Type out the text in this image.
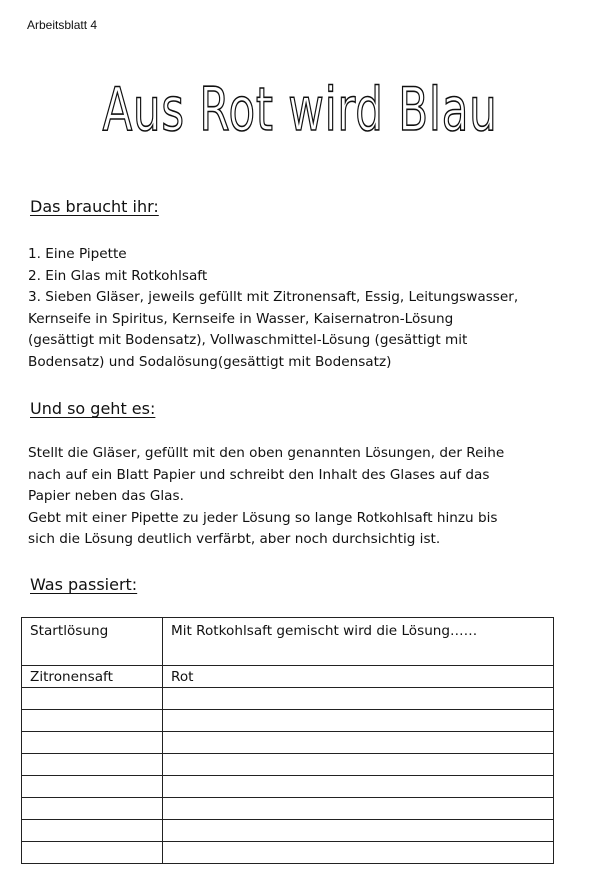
Arbeitsblatt 4
Aus Rot wird Blau
Das braucht ihr:

1. Eine Pipette

2. Ein Glas mit Rotkohlsaft

3. Sieben Gläser, jeweils gefüllt mit Zitronensaft, Essig, Leitungswasser,

Kernseife in Spiritus, Kernseife in Wasser, Kaisernatron-Lösung

(gesättigt mit Bodensatz), Vollwaschmittel-Lösung (gesättigt mit

Bodensatz) und Sodalösung(gesättigt mit Bodensatz)

Und so geht es:

Stellt die Gläser, gefüllt mit den oben genannten Lösungen, der Reihe

nach auf ein Blatt Papier und schreibt den Inhalt des Glases auf das

Papier neben das Glas.

Gebt mit einer Pipette zu jeder Lösung so lange Rotkohlsaft hinzu bis

sich die Lösung deutlich verfärbt, aber noch durchsichtig ist.

Was passiert:
Startlösung	Mit Rotkohlsaft gemischt wird die Lösung……
Zitronensaft	Rot
